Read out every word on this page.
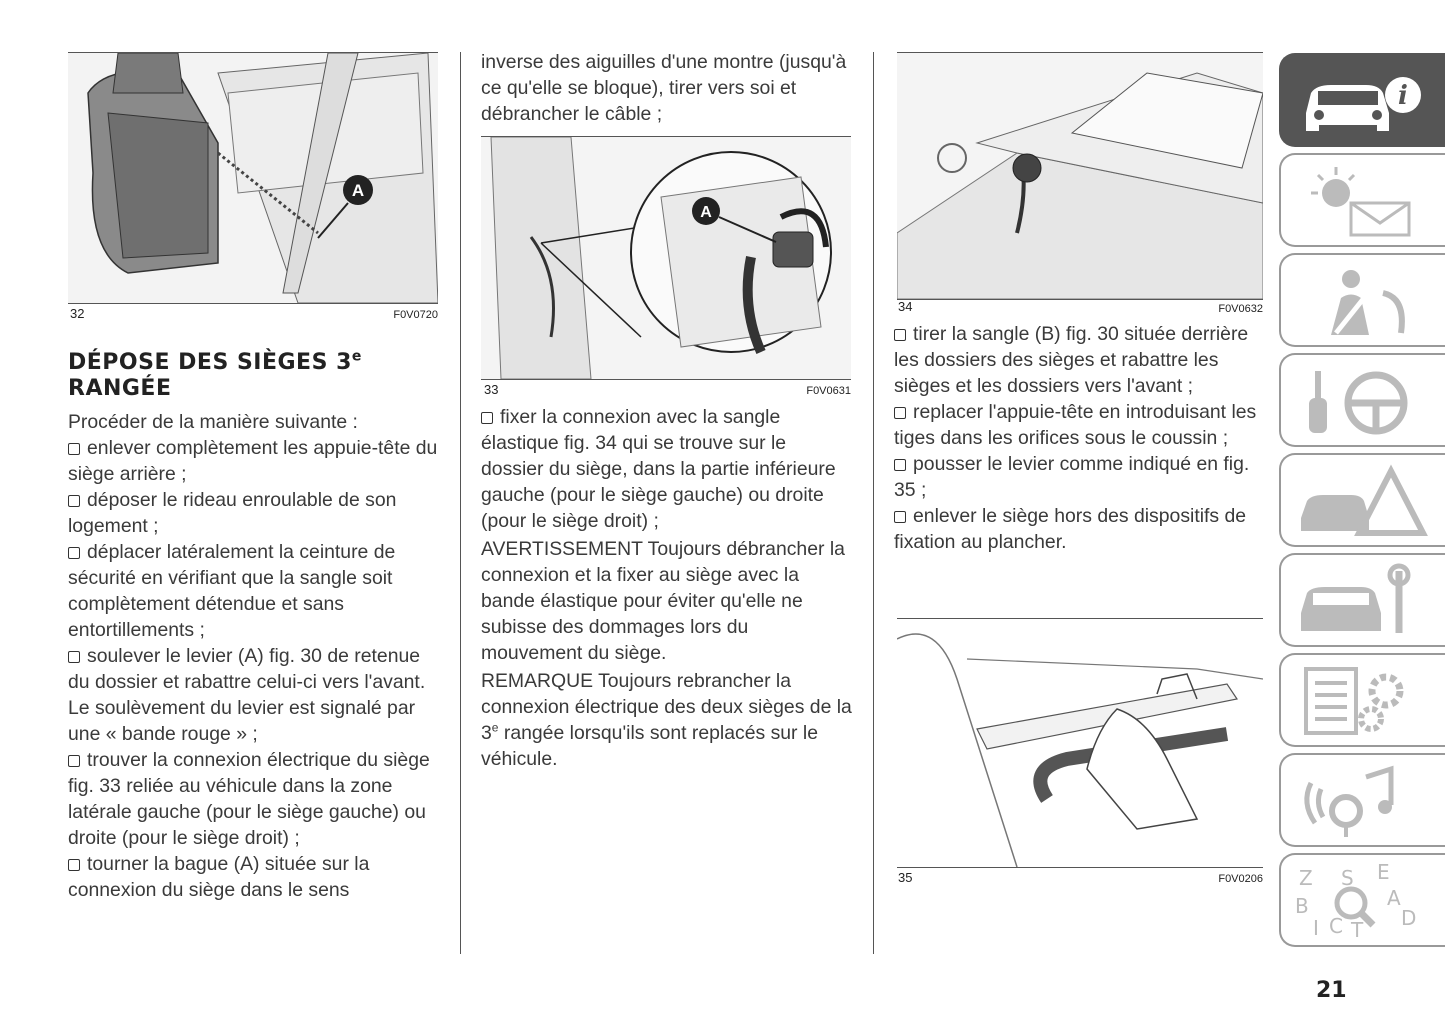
A
32	F0V0720
DÉPOSE DES SIÈGES 3e
RANGÉE

Procéder de la manière suivante :

enlever complètement les appuie-tête du siège arrière ;

déposer le rideau enroulable de son logement ;

déplacer latéralement la ceinture de sécurité en vérifiant que la sangle soit complètement détendue et sans entortillements ;

soulever le levier (A) fig. 30 de retenue du dossier et rabattre celui-ci vers l'avant. Le soulèvement du levier est signalé par une « bande rouge » ;

trouver la connexion électrique du siège fig. 33 reliée au véhicule dans la zone latérale gauche (pour le siège gauche) ou droite (pour le siège droit) ;

tourner la bague (A) située sur la connexion du siège dans le sens

inverse des aiguilles d'une montre (jusqu'à ce qu'elle se bloque), tirer vers soi et débrancher le câble ;

A
33	F0V0631

fixer la connexion avec la sangle élastique fig. 34 qui se trouve sur le dossier du siège, dans la partie inférieure gauche (pour le siège gauche) ou droite (pour le siège droit) ;

AVERTISSEMENT Toujours débrancher la connexion et la fixer au siège avec la bande élastique pour éviter qu'elle ne subisse des dommages lors du mouvement du siège.

REMARQUE Toujours rebrancher la connexion électrique des deux sièges de la 3e rangée lorsqu'ils sont replacés sur le véhicule.

34	F0V0632

tirer la sangle (B) fig. 30 située derrière les dossiers des sièges et rabattre les sièges et les dossiers vers l'avant ;

replacer l'appuie-tête en introduisant les tiges dans les orifices sous le coussin ;

pousser le levier comme indiqué en fig. 35 ;

enlever le siège hors des dispositifs de fixation au plancher.

35	F0V0206
i
Z	E
S
A
B	D
I C T
21
